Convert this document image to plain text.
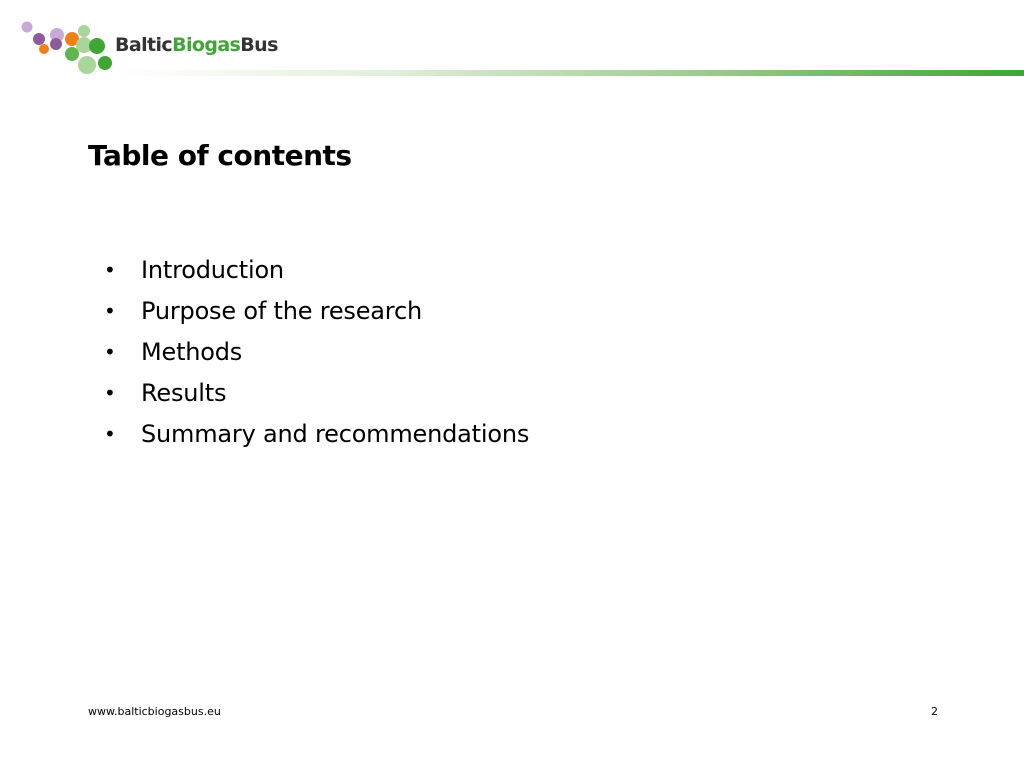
BalticBiogasBus
Table of contents
•	Introduction
•	Purpose of the research
•	Methods
•	Results
•	Summary and recommendations
www.balticbiogasbus.eu	2
